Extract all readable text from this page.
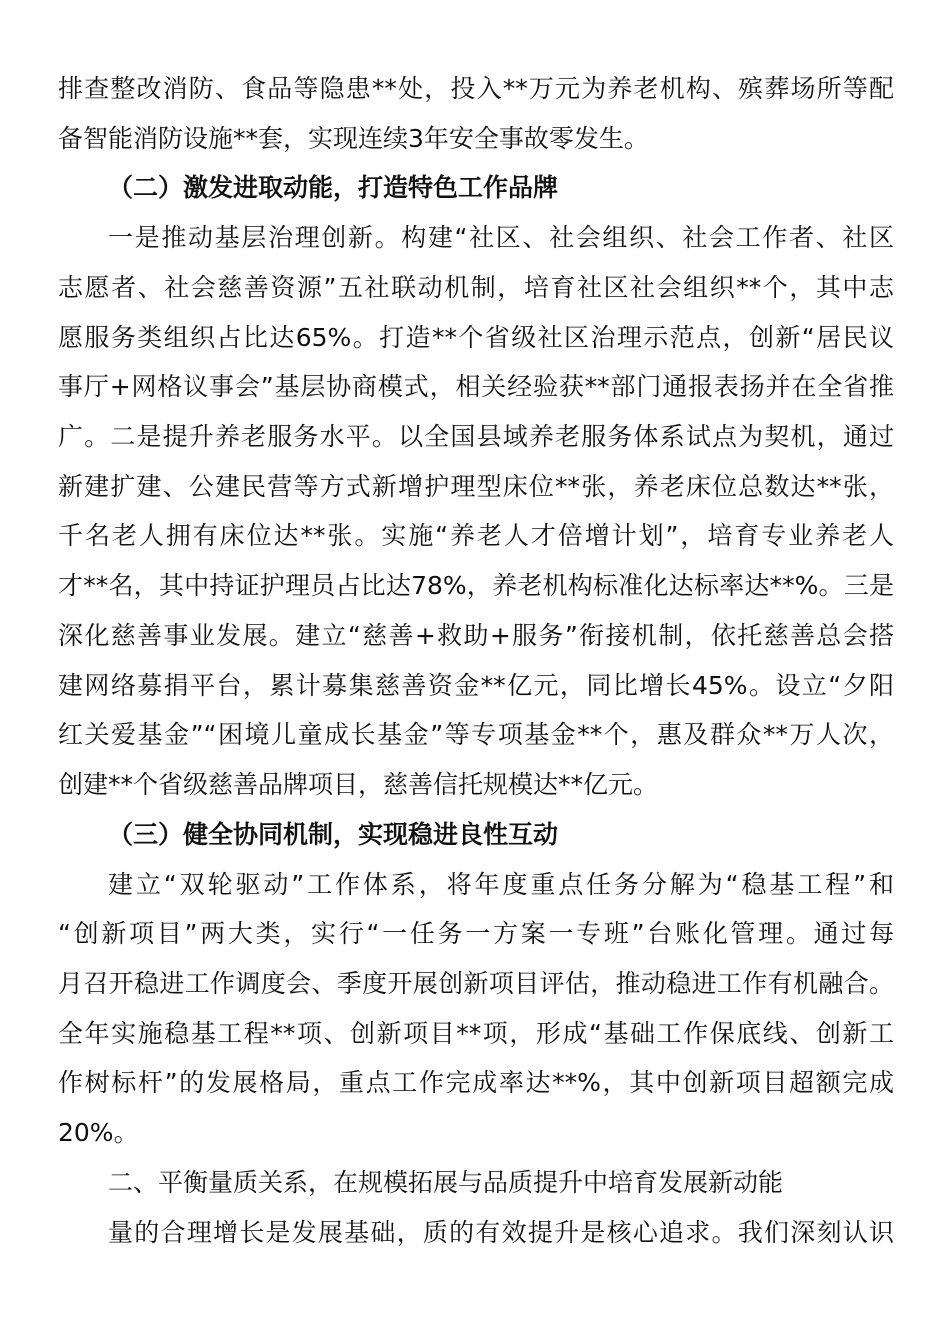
排查整改消防、食品等隐患**处，投入**万元为养老机构、殡葬场所等配
备智能消防设施**套，实现连续3年安全事故零发生。
（二）激发进取动能，打造特色工作品牌
一是推动基层治理创新。构建“社区、社会组织、社会工作者、社区
志愿者、社会慈善资源”五社联动机制，培育社区社会组织**个，其中志
愿服务类组织占比达65%。打造**个省级社区治理示范点，创新“居民议
事厅+网格议事会”基层协商模式，相关经验获**部门通报表扬并在全省推
广。二是提升养老服务水平。以全国县域养老服务体系试点为契机，通过
新建扩建、公建民营等方式新增护理型床位**张，养老床位总数达**张，
千名老人拥有床位达**张。实施“养老人才倍增计划”，培育专业养老人
才**名，其中持证护理员占比达78%，养老机构标准化达标率达**%。三是
深化慈善事业发展。建立“慈善+救助+服务”衔接机制，依托慈善总会搭
建网络募捐平台，累计募集慈善资金**亿元，同比增长45%。设立“夕阳
红关爱基金”“困境儿童成长基金”等专项基金**个，惠及群众**万人次，
创建**个省级慈善品牌项目，慈善信托规模达**亿元。
（三）健全协同机制，实现稳进良性互动
建立“双轮驱动”工作体系，将年度重点任务分解为“稳基工程”和
“创新项目”两大类，实行“一任务一方案一专班”台账化管理。通过每
月召开稳进工作调度会、季度开展创新项目评估，推动稳进工作有机融合。
全年实施稳基工程**项、创新项目**项，形成“基础工作保底线、创新工
作树标杆”的发展格局，重点工作完成率达**%，其中创新项目超额完成
20%。
二、平衡量质关系，在规模拓展与品质提升中培育发展新动能
量的合理增长是发展基础，质的有效提升是核心追求。我们深刻认识
